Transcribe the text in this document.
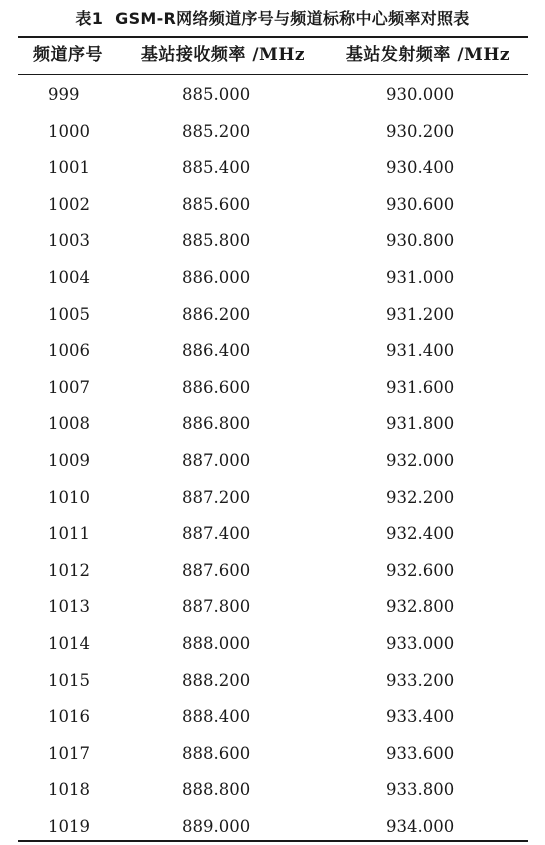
表1 GSM-R网络频道序号与频道标称中心频率对照表
频道序号	基站接收频率 /MHz	基站发射频率 /MHz
999	885.000	930.000
1000	885.200	930.200
1001	885.400	930.400
1002	885.600	930.600
1003	885.800	930.800
1004	886.000	931.000
1005	886.200	931.200
1006	886.400	931.400
1007	886.600	931.600
1008	886.800	931.800
1009	887.000	932.000
1010	887.200	932.200
1011	887.400	932.400
1012	887.600	932.600
1013	887.800	932.800
1014	888.000	933.000
1015	888.200	933.200
1016	888.400	933.400
1017	888.600	933.600
1018	888.800	933.800
1019	889.000	934.000
